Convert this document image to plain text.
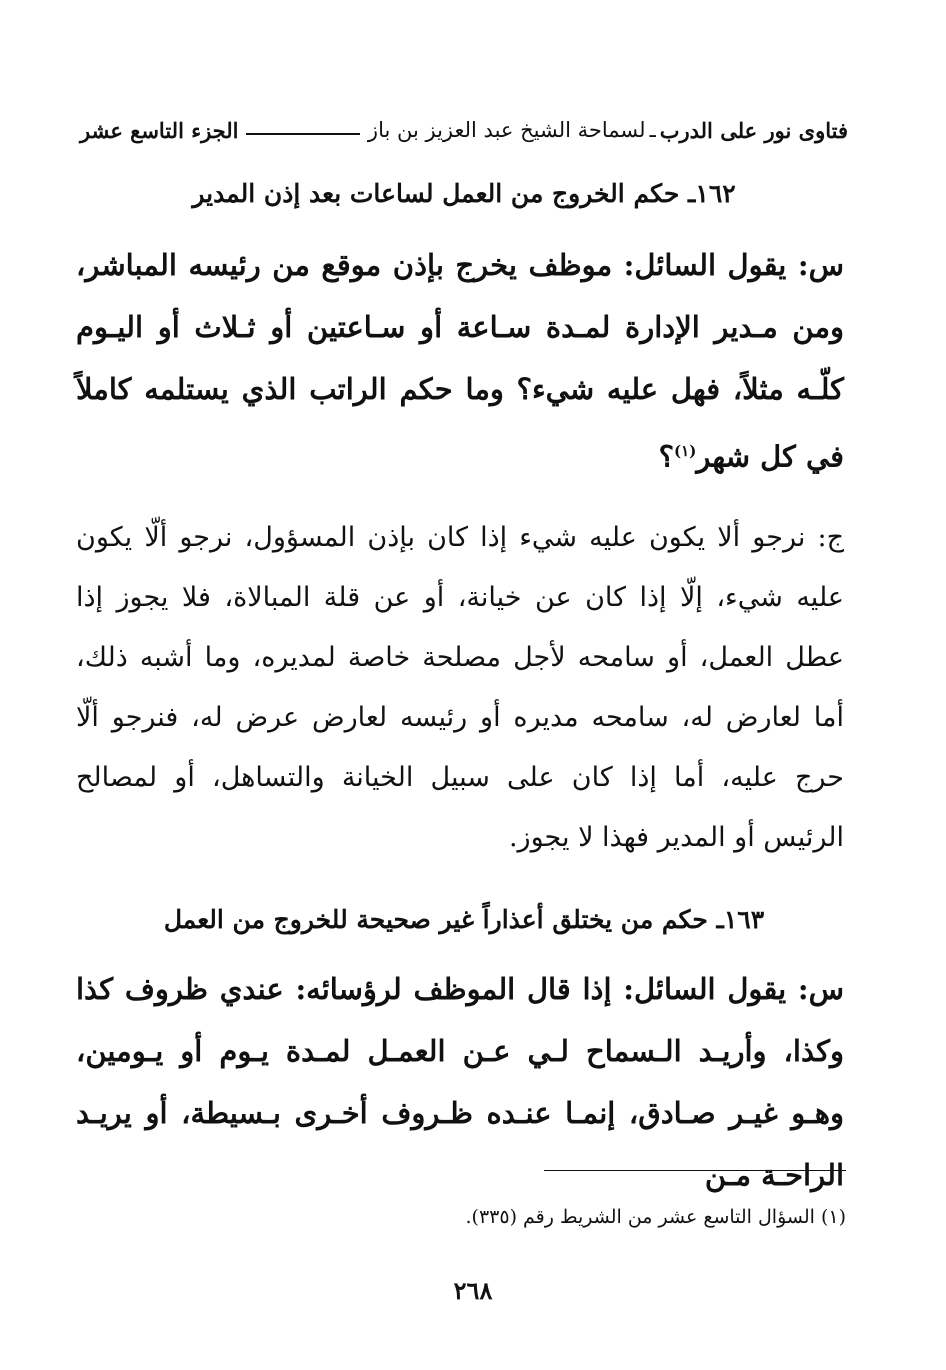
فتاوى نور على الدرب
ـ
لسماحة الشيخ عبد العزيز بن باز
الجزء التاسع عشر
١٦٢ـ حكم الخروج من العمل لساعات بعد إذن المدير
س: يقول السائل: موظف يخرج بإذن موقع من رئيسه المباشر، ومن مـدير الإدارة لمـدة سـاعة أو سـاعتين أو ثـلاث أو اليـوم كلّـه مثلاً، فهل عليه شيء؟ وما حكم الراتب الذي يستلمه كاملاً في كل شهر$^{(١)}$؟
ج: نرجو ألا يكون عليه شيء إذا كان بإذن المسؤول، نرجو ألّا يكون عليه شيء، إلّا إذا كان عن خيانة، أو عن قلة المبالاة، فلا يجوز إذا عطل العمل، أو سامحه لأجل مصلحة خاصة لمديره، وما أشبه ذلك، أما لعارض له، سامحه مديره أو رئيسه لعارض عرض له، فنرجو ألّا حرج عليه، أما إذا كان على سبيل الخيانة والتساهل، أو لمصالح الرئيس أو المدير فهذا لا يجوز.
١٦٣ـ حكم من يختلق أعذاراً غير صحيحة للخروج من العمل
س: يقول السائل: إذا قال الموظف لرؤسائه: عندي ظروف كذا وكذا، وأريـد الـسماح لـي عـن العمـل لمـدة يـوم أو يـومين، وهـو غيـر صـادق، إنمـا عنـده ظـروف أخـرى بـسيطة، أو يريـد الراحـة مـن
(١) السؤال التاسع عشر من الشريط رقم (٣٣٥).
٢٦٨
